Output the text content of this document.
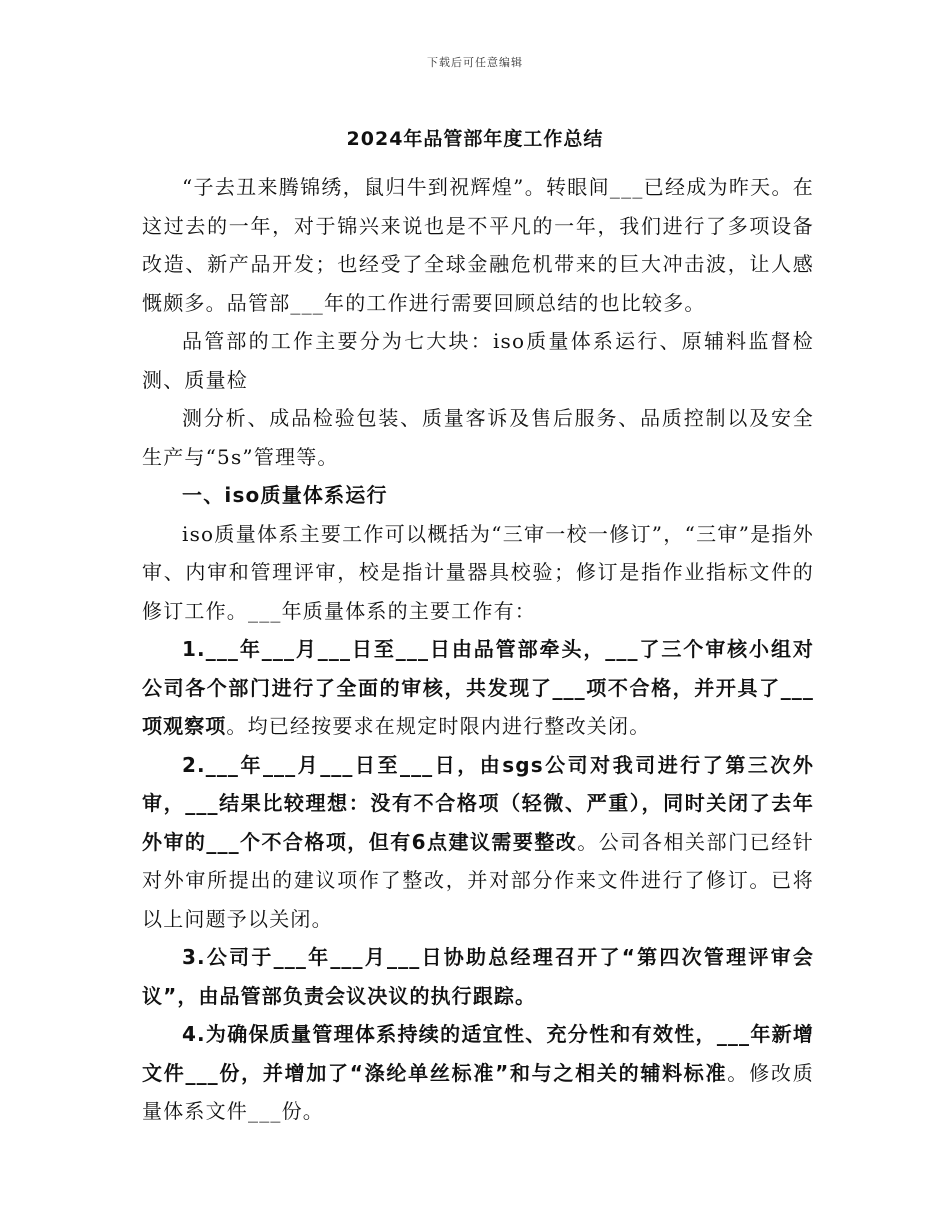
下载后可任意编辑
2024年品管部年度工作总结

“子去丑来腾锦绣，鼠归牛到祝辉煌”。转眼间___已经成为昨天。在这过去的一年，对于锦兴来说也是不平凡的一年，我们进行了多项设备改造、新产品开发；也经受了全球金融危机带来的巨大冲击波，让人感慨颇多。品管部___年的工作进行需要回顾总结的也比较多。

品管部的工作主要分为七大块：iso质量体系运行、原辅料监督检测、质量检

测分析、成品检验包装、质量客诉及售后服务、品质控制以及安全生产与“5s”管理等。

一、iso质量体系运行

iso质量体系主要工作可以概括为“三审一校一修订”，“三审”是指外审、内审和管理评审，校是指计量器具校验；修订是指作业指标文件的修订工作。___年质量体系的主要工作有：

1.___年___月___日至___日由品管部牵头，___了三个审核小组对公司各个部门进行了全面的审核，共发现了___项不合格，并开具了___项观察项。均已经按要求在规定时限内进行整改关闭。

2.___年___月___日至___日，由sgs公司对我司进行了第三次外审，___结果比较理想：没有不合格项（轻微、严重），同时关闭了去年外审的___个不合格项，但有6点建议需要整改。公司各相关部门已经针对外审所提出的建议项作了整改，并对部分作来文件进行了修订。已将以上问题予以关闭。

3.公司于___年___月___日协助总经理召开了“第四次管理评审会议”，由品管部负责会议决议的执行跟踪。

4.为确保质量管理体系持续的适宜性、充分性和有效性，___年新增文件___份，并增加了“涤纶单丝标准”和与之相关的辅料标准。修改质量体系文件___份。
